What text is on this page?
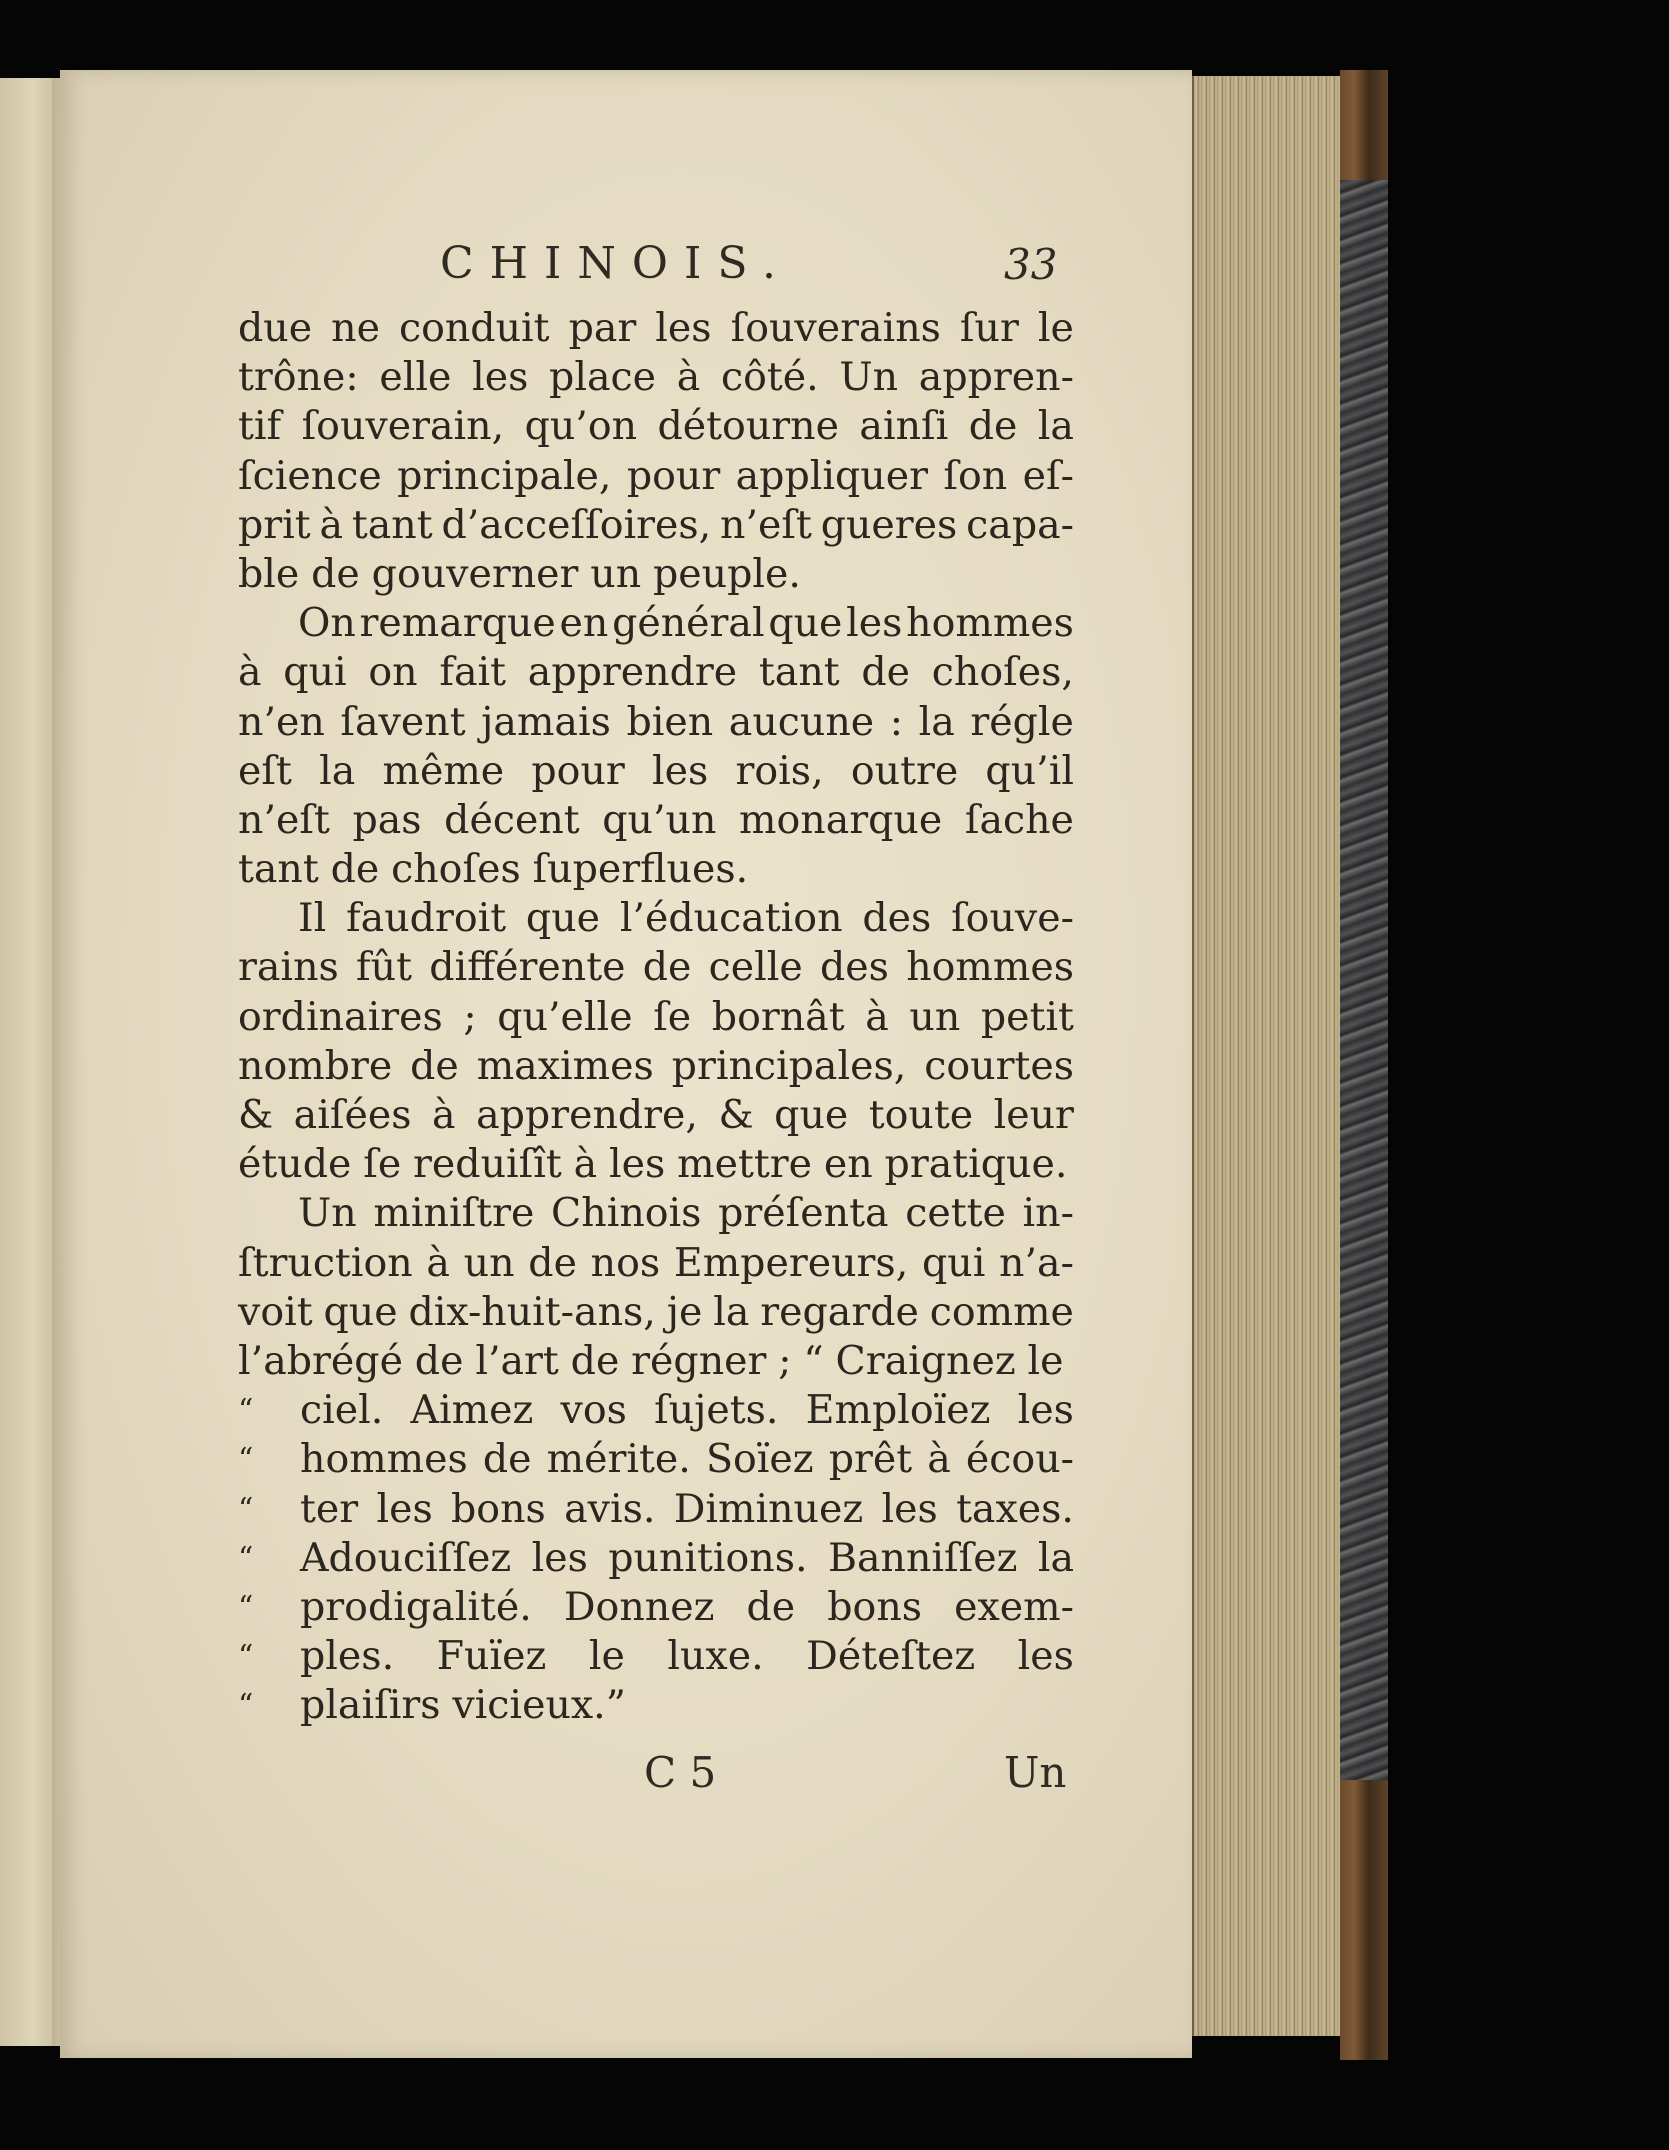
CHINOIS.	33
due ne conduit par les ſouverains ſur le
trône: elle les place à côté. Un appren-
tif ſouverain, qu’on détourne ainſi de la
ſcience principale, pour appliquer ſon eſ-
prit à tant d’acceſſoires, n’eſt gueres capa-
ble de gouverner un peuple.
On remarque en général que les hommes
à qui on fait apprendre tant de choſes,
n’en ſavent jamais bien aucune : la régle
eſt la même pour les rois, outre qu’il
n’eſt pas décent qu’un monarque ſache
tant de choſes ſuperflues.
Il faudroit que l’éducation des ſouve-
rains fût différente de celle des hommes
ordinaires ; qu’elle ſe bornât à un petit
nombre de maximes principales, courtes
& aiſées à apprendre, & que toute leur
étude ſe reduiſît à les mettre en pratique.
Un miniſtre Chinois préſenta cette in-
ſtruction à un de nos Empereurs, qui n’a-
voit que dix-huit-ans, je la regarde comme
l’abrégé de l’art de régner ; “ Craignez le
“ ciel. Aimez vos ſujets. Emploïez les
“ hommes de mérite. Soïez prêt à écou-
“ ter les bons avis. Diminuez les taxes.
“ Adouciſſez les punitions. Banniſſez la
“ prodigalité. Donnez de bons exem-
“ ples. Fuïez le luxe. Déteſtez les
“ plaiſirs vicieux.”
C 5	Un
